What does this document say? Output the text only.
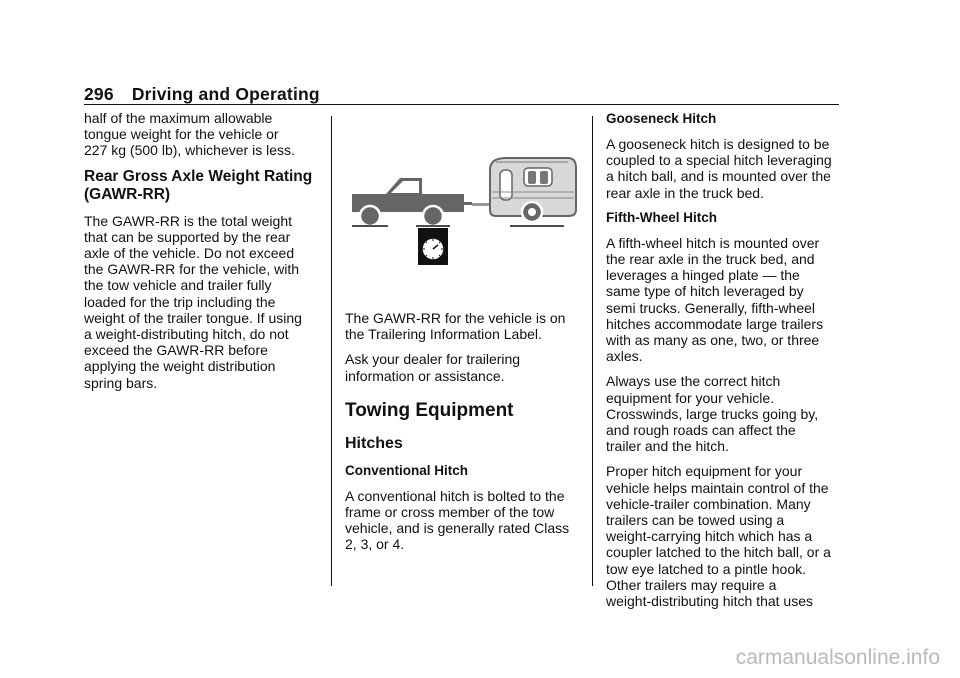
296 Driving and Operating

half of the maximum allowable
tongue weight for the vehicle or
227 kg (500 lb), whichever is less.

Rear Gross Axle Weight Rating
(GAWR-RR)

The GAWR-RR is the total weight
that can be supported by the rear
axle of the vehicle. Do not exceed
the GAWR-RR for the vehicle, with
the tow vehicle and trailer fully
loaded for the trip including the
weight of the trailer tongue. If using
a weight-distributing hitch, do not
exceed the GAWR-RR before
applying the weight distribution
spring bars.

The GAWR-RR for the vehicle is on
the Trailering Information Label.

Ask your dealer for trailering
information or assistance.

Towing Equipment
Hitches
Conventional Hitch

A conventional hitch is bolted to the
frame or cross member of the tow
vehicle, and is generally rated Class
2, 3, or 4.

Gooseneck Hitch

A gooseneck hitch is designed to be
coupled to a special hitch leveraging
a hitch ball, and is mounted over the
rear axle in the truck bed.

Fifth-Wheel Hitch

A fifth-wheel hitch is mounted over
the rear axle in the truck bed, and
leverages a hinged plate — the
same type of hitch leveraged by
semi trucks. Generally, fifth-wheel
hitches accommodate large trailers
with as many as one, two, or three
axles.

Always use the correct hitch
equipment for your vehicle.
Crosswinds, large trucks going by,
and rough roads can affect the
trailer and the hitch.

Proper hitch equipment for your
vehicle helps maintain control of the
vehicle-trailer combination. Many
trailers can be towed using a
weight-carrying hitch which has a
coupler latched to the hitch ball, or a
tow eye latched to a pintle hook.
Other trailers may require a
weight-distributing hitch that uses

carmanualsonline.info
